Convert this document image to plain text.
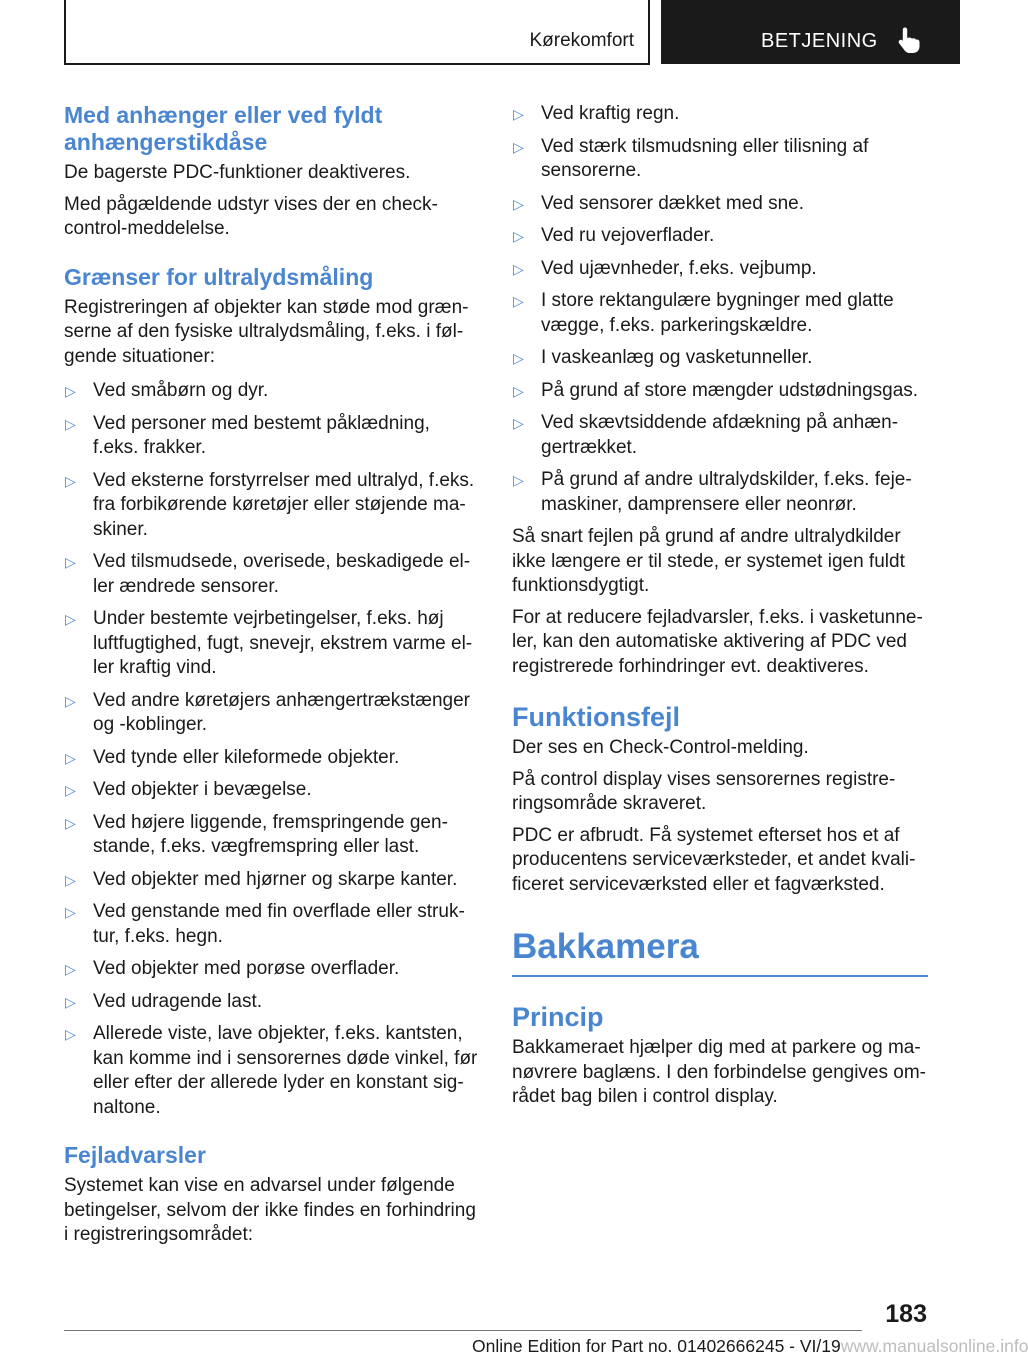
Kørekomfort	BETJENING
Med anhænger eller ved fyldt anhængerstikdåse

De bagerste PDC-funktioner deaktiveres.

Med pågældende udstyr vises der en check-control-meddelelse.

Grænser for ultralydsmåling

Registreringen af objekter kan støde mod græn-serne af den fysiske ultralydsmåling, f.eks. i føl-gende situationer:

▷ Ved småbørn og dyr.
▷ Ved personer med bestemt påklædning, f.eks. frakker.
▷ Ved eksterne forstyrrelser med ultralyd, f.eks. fra forbikørende køretøjer eller støjende ma-skiner.
▷ Ved tilsmudsede, overisede, beskadigede el-ler ændrede sensorer.
▷ Under bestemte vejrbetingelser, f.eks. høj luftfugtighed, fugt, snevejr, ekstrem varme el-ler kraftig vind.
▷ Ved andre køretøjers anhængertrækstænger og -koblinger.
▷ Ved tynde eller kileformede objekter.
▷ Ved objekter i bevægelse.
▷ Ved højere liggende, fremspringende gen-stande, f.eks. vægfremspring eller last.
▷ Ved objekter med hjørner og skarpe kanter.
▷ Ved genstande med fin overflade eller struk-tur, f.eks. hegn.
▷ Ved objekter med porøse overflader.
▷ Ved udragende last.
▷ Allerede viste, lave objekter, f.eks. kantsten, kan komme ind i sensorernes døde vinkel, før eller efter der allerede lyder en konstant sig-naltone.
Fejladvarsler

Systemet kan vise en advarsel under følgende betingelser, selvom der ikke findes en forhindring i registreringsområdet:

▷ Ved kraftig regn.
▷ Ved stærk tilsmudsning eller tilisning af sensorerne.
▷ Ved sensorer dækket med sne.
▷ Ved ru vejoverflader.
▷ Ved ujævnheder, f.eks. vejbump.
▷ I store rektangulære bygninger med glatte vægge, f.eks. parkeringskældre.
▷ I vaskeanlæg og vasketunneller.
▷ På grund af store mængder udstødningsgas.
▷ Ved skævtsiddende afdækning på anhæn-gertrækket.
▷ På grund af andre ultralydskilder, f.eks. feje-maskiner, damprensere eller neonrør.

Så snart fejlen på grund af andre ultralydkilder ikke længere er til stede, er systemet igen fuldt funktionsdygtigt.

For at reducere fejladvarsler, f.eks. i vasketunne-ler, kan den automatiske aktivering af PDC ved registrerede forhindringer evt. deaktiveres.

Funktionsfejl

Der ses en Check-Control-melding.

På control display vises sensorernes registre-ringsområde skraveret.

PDC er afbrudt. Få systemet efterset hos et af producentens serviceværksteder, et andet kvali-ficeret serviceværksted eller et fagværksted.

Bakkamera
Princip

Bakkameraet hjælper dig med at parkere og ma-nøvrere baglæns. I den forbindelse gengives om-rådet bag bilen i control display.

183
Online Edition for Part no. 01402666245 - VI/19www.manualsonline.info
